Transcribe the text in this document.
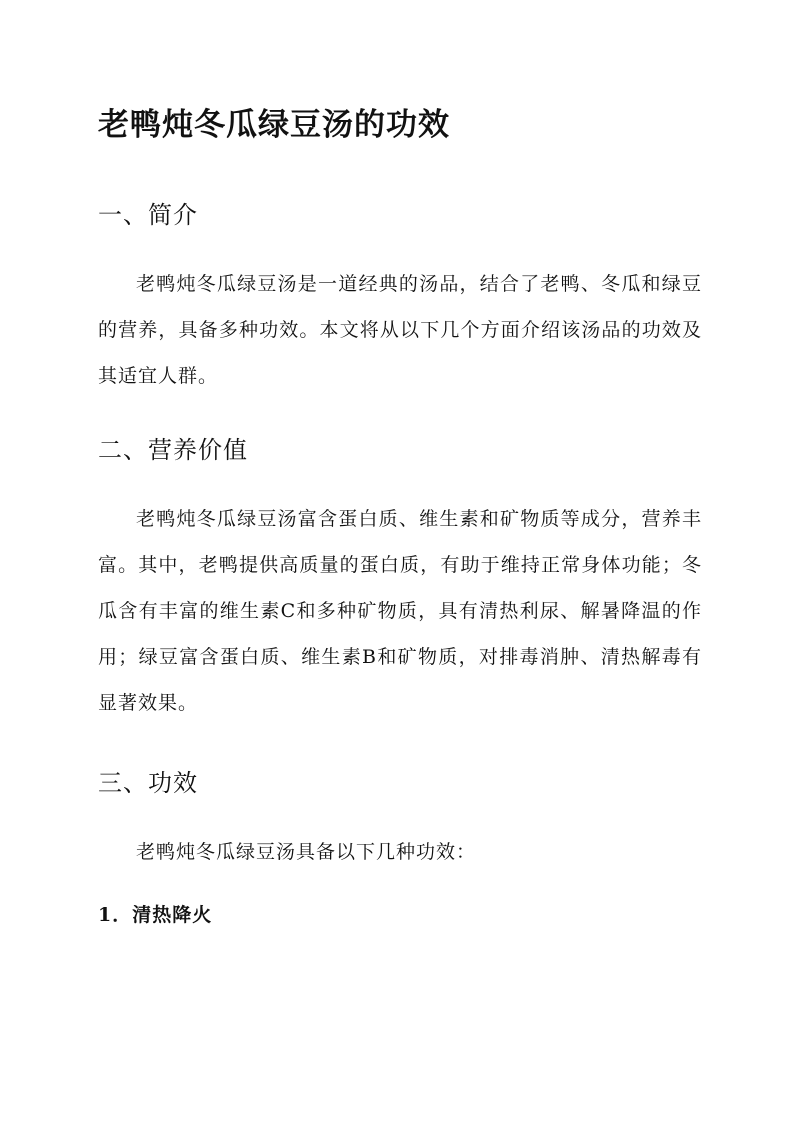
老鸭炖冬瓜绿豆汤的功效
一、简介

老鸭炖冬瓜绿豆汤是一道经典的汤品，结合了老鸭、冬瓜和绿豆的营养，具备多种功效。本文将从以下几个方面介绍该汤品的功效及其适宜人群。

二、营养价值

老鸭炖冬瓜绿豆汤富含蛋白质、维生素和矿物质等成分，营养丰富。其中，老鸭提供高质量的蛋白质，有助于维持正常身体功能；冬瓜含有丰富的维生素C和多种矿物质，具有清热利尿、解暑降温的作用；绿豆富含蛋白质、维生素B和矿物质，对排毒消肿、清热解毒有显著效果。

三、功效

老鸭炖冬瓜绿豆汤具备以下几种功效：

1．清热降火
